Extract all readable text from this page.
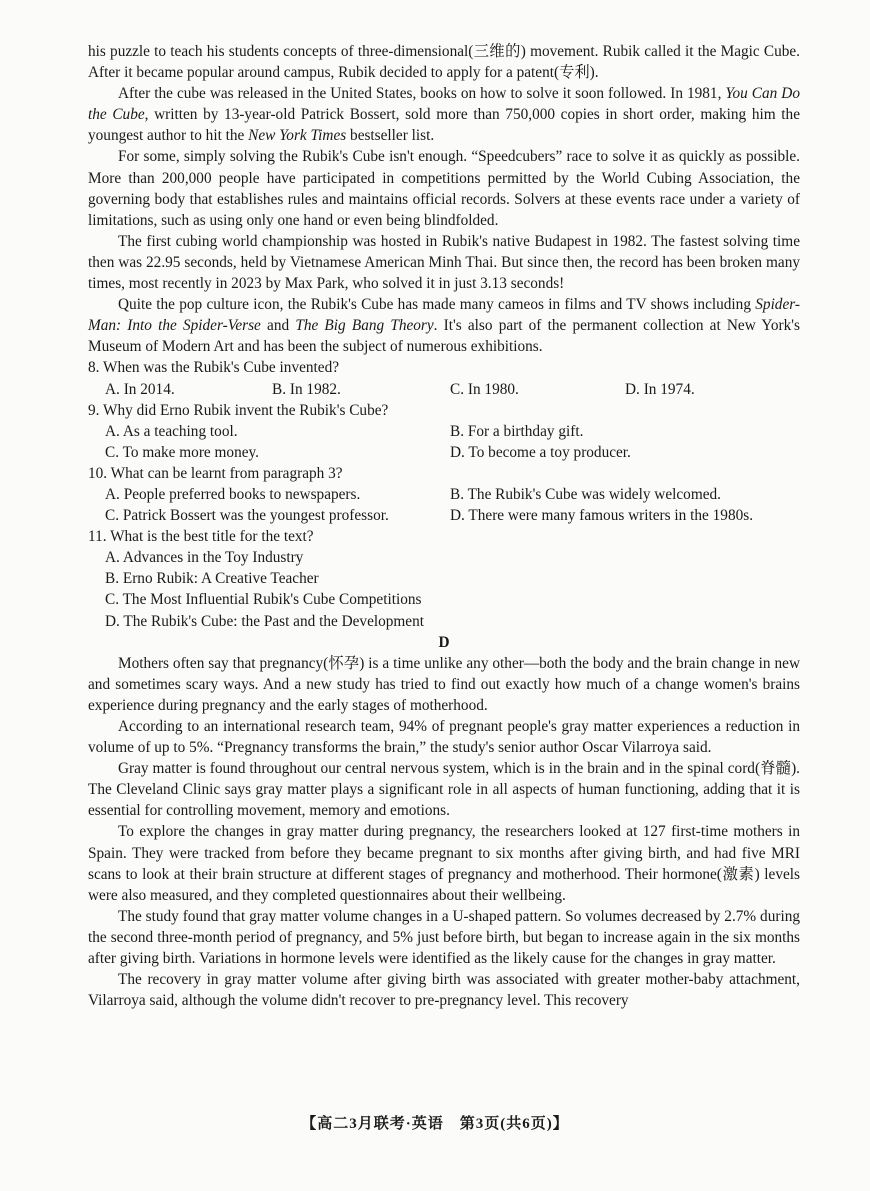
his puzzle to teach his students concepts of three-dimensional(三维的) movement. Rubik called it the Magic Cube. After it became popular around campus, Rubik decided to apply for a patent(专利).

After the cube was released in the United States, books on how to solve it soon followed. In 1981, You Can Do the Cube, written by 13-year-old Patrick Bossert, sold more than 750,000 copies in short order, making him the youngest author to hit the New York Times bestseller list.

For some, simply solving the Rubik's Cube isn't enough. “Speedcubers” race to solve it as quickly as possible. More than 200,000 people have participated in competitions permitted by the World Cubing Association, the governing body that establishes rules and maintains official records. Solvers at these events race under a variety of limitations, such as using only one hand or even being blindfolded.

The first cubing world championship was hosted in Rubik's native Budapest in 1982. The fastest solving time then was 22.95 seconds, held by Vietnamese American Minh Thai. But since then, the record has been broken many times, most recently in 2023 by Max Park, who solved it in just 3.13 seconds!

Quite the pop culture icon, the Rubik's Cube has made many cameos in films and TV shows including Spider-Man: Into the Spider-Verse and The Big Bang Theory. It's also part of the permanent collection at New York's Museum of Modern Art and has been the subject of numerous exhibitions.

8. When was the Rubik's Cube invented?
A. In 2014.	B. In 1982.	C. In 1980.	D. In 1974.
9. Why did Erno Rubik invent the Rubik's Cube?
A. As a teaching tool.	B. For a birthday gift.
C. To make more money.	D. To become a toy producer.
10. What can be learnt from paragraph 3?
A. People preferred books to newspapers.	B. The Rubik's Cube was widely welcomed.
C. Patrick Bossert was the youngest professor.	D. There were many famous writers in the 1980s.
11. What is the best title for the text?
A. Advances in the Toy Industry
B. Erno Rubik: A Creative Teacher
C. The Most Influential Rubik's Cube Competitions
D. The Rubik's Cube: the Past and the Development
D

Mothers often say that pregnancy(怀孕) is a time unlike any other—both the body and the brain change in new and sometimes scary ways. And a new study has tried to find out exactly how much of a change women's brains experience during pregnancy and the early stages of motherhood.

According to an international research team, 94% of pregnant people's gray matter experiences a reduction in volume of up to 5%. “Pregnancy transforms the brain,” the study's senior author Oscar Vilarroya said.

Gray matter is found throughout our central nervous system, which is in the brain and in the spinal cord(脊髓). The Cleveland Clinic says gray matter plays a significant role in all aspects of human functioning, adding that it is essential for controlling movement, memory and emotions.

To explore the changes in gray matter during pregnancy, the researchers looked at 127 first-time mothers in Spain. They were tracked from before they became pregnant to six months after giving birth, and had five MRI scans to look at their brain structure at different stages of pregnancy and motherhood. Their hormone(激素) levels were also measured, and they completed questionnaires about their wellbeing.

The study found that gray matter volume changes in a U-shaped pattern. So volumes decreased by 2.7% during the second three-month period of pregnancy, and 5% just before birth, but began to increase again in the six months after giving birth. Variations in hormone levels were identified as the likely cause for the changes in gray matter.

The recovery in gray matter volume after giving birth was associated with greater mother-baby attachment, Vilarroya said, although the volume didn't recover to pre-pregnancy level. This recovery

【高二3月联考·英语　第3页(共6页)】
